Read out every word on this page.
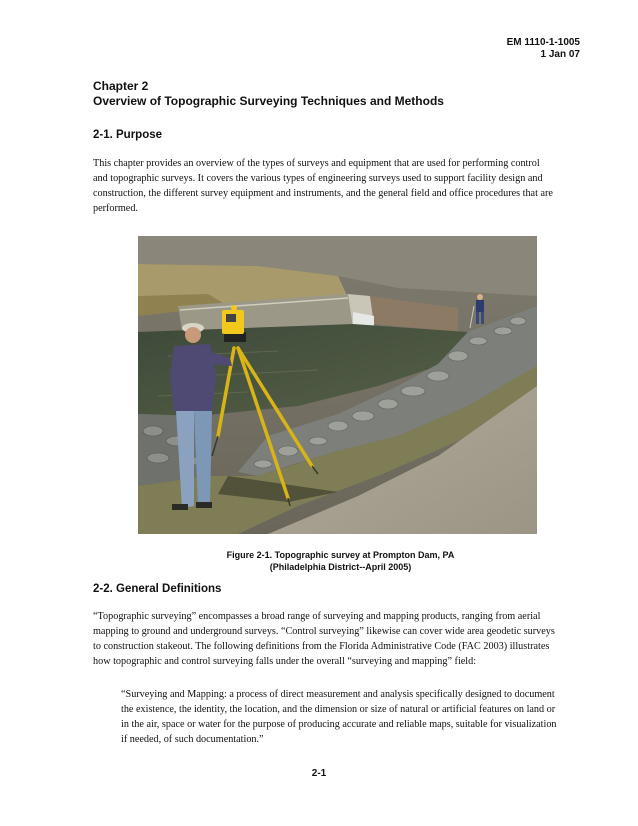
EM 1110-1-1005
1 Jan 07
Chapter 2
Overview of Topographic Surveying Techniques and Methods
2-1. Purpose
This chapter provides an overview of the types of surveys and equipment that are used for performing control and topographic surveys. It covers the various types of engineering surveys used to support facility design and construction, the different survey equipment and instruments, and the general field and office procedures that are performed.
Figure 2-1. Topographic survey at Prompton Dam, PA
(Philadelphia District--April 2005)
2-2. General Definitions
“Topographic surveying” encompasses a broad range of surveying and mapping products, ranging from aerial mapping to ground and underground surveys. “Control surveying” likewise can cover wide area geodetic surveys to construction stakeout. The following definitions from the Florida Administrative Code (FAC 2003) illustrates how topographic and control surveying falls under the overall “surveying and mapping” field:
“Surveying and Mapping: a process of direct measurement and analysis specifically designed to document the existence, the identity, the location, and the dimension or size of natural or artificial features on land or in the air, space or water for the purpose of producing accurate and reliable maps, suitable for visualization if needed, of such documentation.”
2-1
